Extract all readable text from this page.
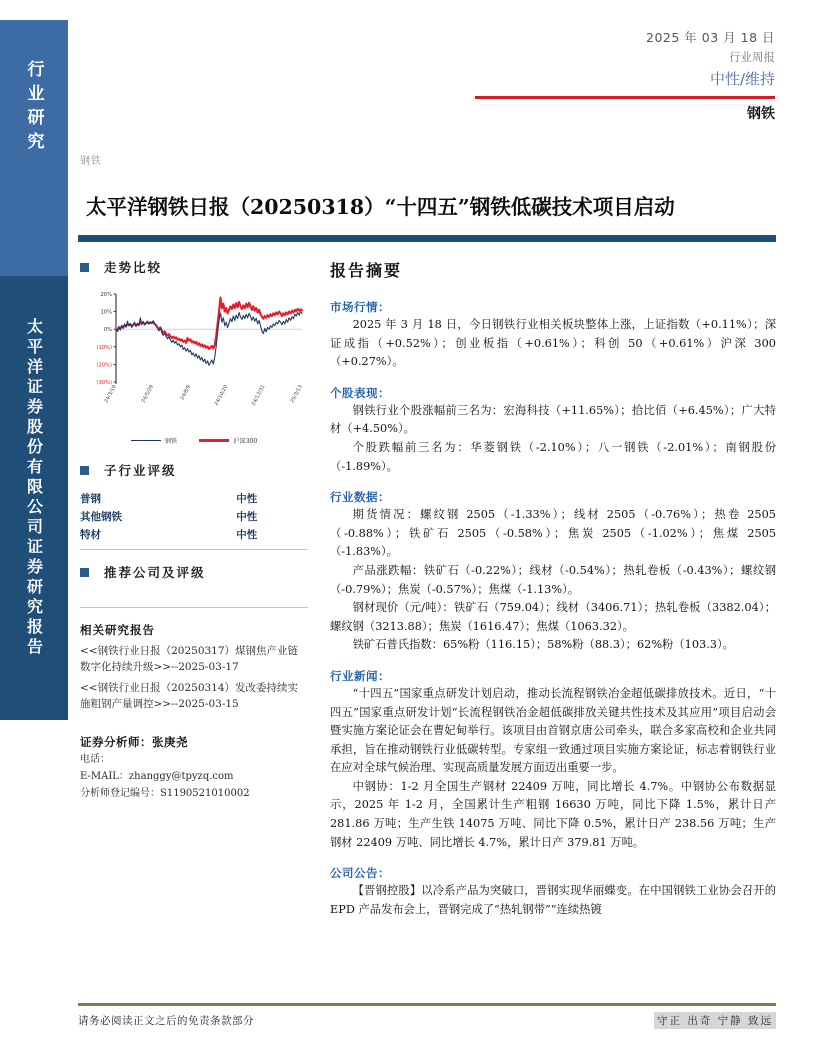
行业研究
太平洋证券股份有限公司证券研究报告
2025 年 03 月 18 日
行业周报
中性/维持
钢铁
钢铁
太平洋钢铁日报（20250318）“十四五”钢铁低碳技术项目启动
走势比较
20%
10%
0%
(10%)
(20%)
(30%)
24/3/19	24/5/29	24/8/9	24/10/20	24/12/31	25/3/13
钢铁	沪深300
子行业评级
普钢	中性
其他钢铁	中性
特材	中性
推荐公司及评级
相关研究报告
<<钢铁行业日报（20250317）煤钢焦产业链数字化持续升级>>--2025-03-17
<<钢铁行业日报（20250314）发改委持续实施粗钢产量调控>>--2025-03-15
证券分析师：张庚尧
电话：
E-MAIL：zhanggy@tpyzq.com
分析师登记编号：S1190521010002
报告摘要
市场行情：
2025 年 3 月 18 日，今日钢铁行业相关板块整体上涨，上证指数（+0.11%）；深证成指（+0.52%）；创业板指（+0.61%）；科创 50（+0.61%）沪深 300（+0.27%）。
个股表现：
钢铁行业个股涨幅前三名为：宏海科技（+11.65%）；拾比佰（+6.45%）；广大特材（+4.50%）。
个股跌幅前三名为：华菱钢铁（-2.10%）；八一钢铁（-2.01%）；南钢股份（-1.89%）。
行业数据：
期货情况：螺纹钢 2505（-1.33%）；线材 2505（-0.76%）；热卷 2505（-0.88%）；铁矿石 2505（-0.58%）；焦炭 2505（-1.02%）；焦煤 2505（-1.83%）。
产品涨跌幅：铁矿石（-0.22%）；线材（-0.54%）；热轧卷板（-0.43%）；螺纹钢（-0.79%）；焦炭（-0.57%）；焦煤（-1.13%）。
钢材现价（元/吨）：铁矿石（759.04）；线材（3406.71）；热轧卷板（3382.04）；螺纹钢（3213.88）；焦炭（1616.47）；焦煤（1063.32）。
铁矿石普氏指数：65%粉（116.15）；58%粉（88.3）；62%粉（103.3）。
行业新闻：
“十四五”国家重点研发计划启动，推动长流程钢铁冶金超低碳排放技术。近日，“十四五”国家重点研发计划“长流程钢铁冶金超低碳排放关键共性技术及其应用”项目启动会暨实施方案论证会在曹妃甸举行。该项目由首钢京唐公司牵头，联合多家高校和企业共同承担，旨在推动钢铁行业低碳转型。专家组一致通过项目实施方案论证，标志着钢铁行业在应对全球气候治理、实现高质量发展方面迈出重要一步。
中钢协：1-2 月全国生产钢材 22409 万吨，同比增长 4.7%。中钢协公布数据显示，2025 年 1-2 月，全国累计生产粗钢 16630 万吨，同比下降 1.5%，累计日产 281.86 万吨；生产生铁 14075 万吨、同比下降 0.5%，累计日产 238.56 万吨；生产钢材 22409 万吨、同比增长 4.7%，累计日产 379.81 万吨。
公司公告：
【晋钢控股】以冷系产品为突破口，晋钢实现华丽蝶变。在中国钢铁工业协会召开的 EPD 产品发布会上，晋钢完成了“热轧钢带”“连续热镀
请务必阅读正文之后的免责条款部分	守正 出奇 宁静 致远
